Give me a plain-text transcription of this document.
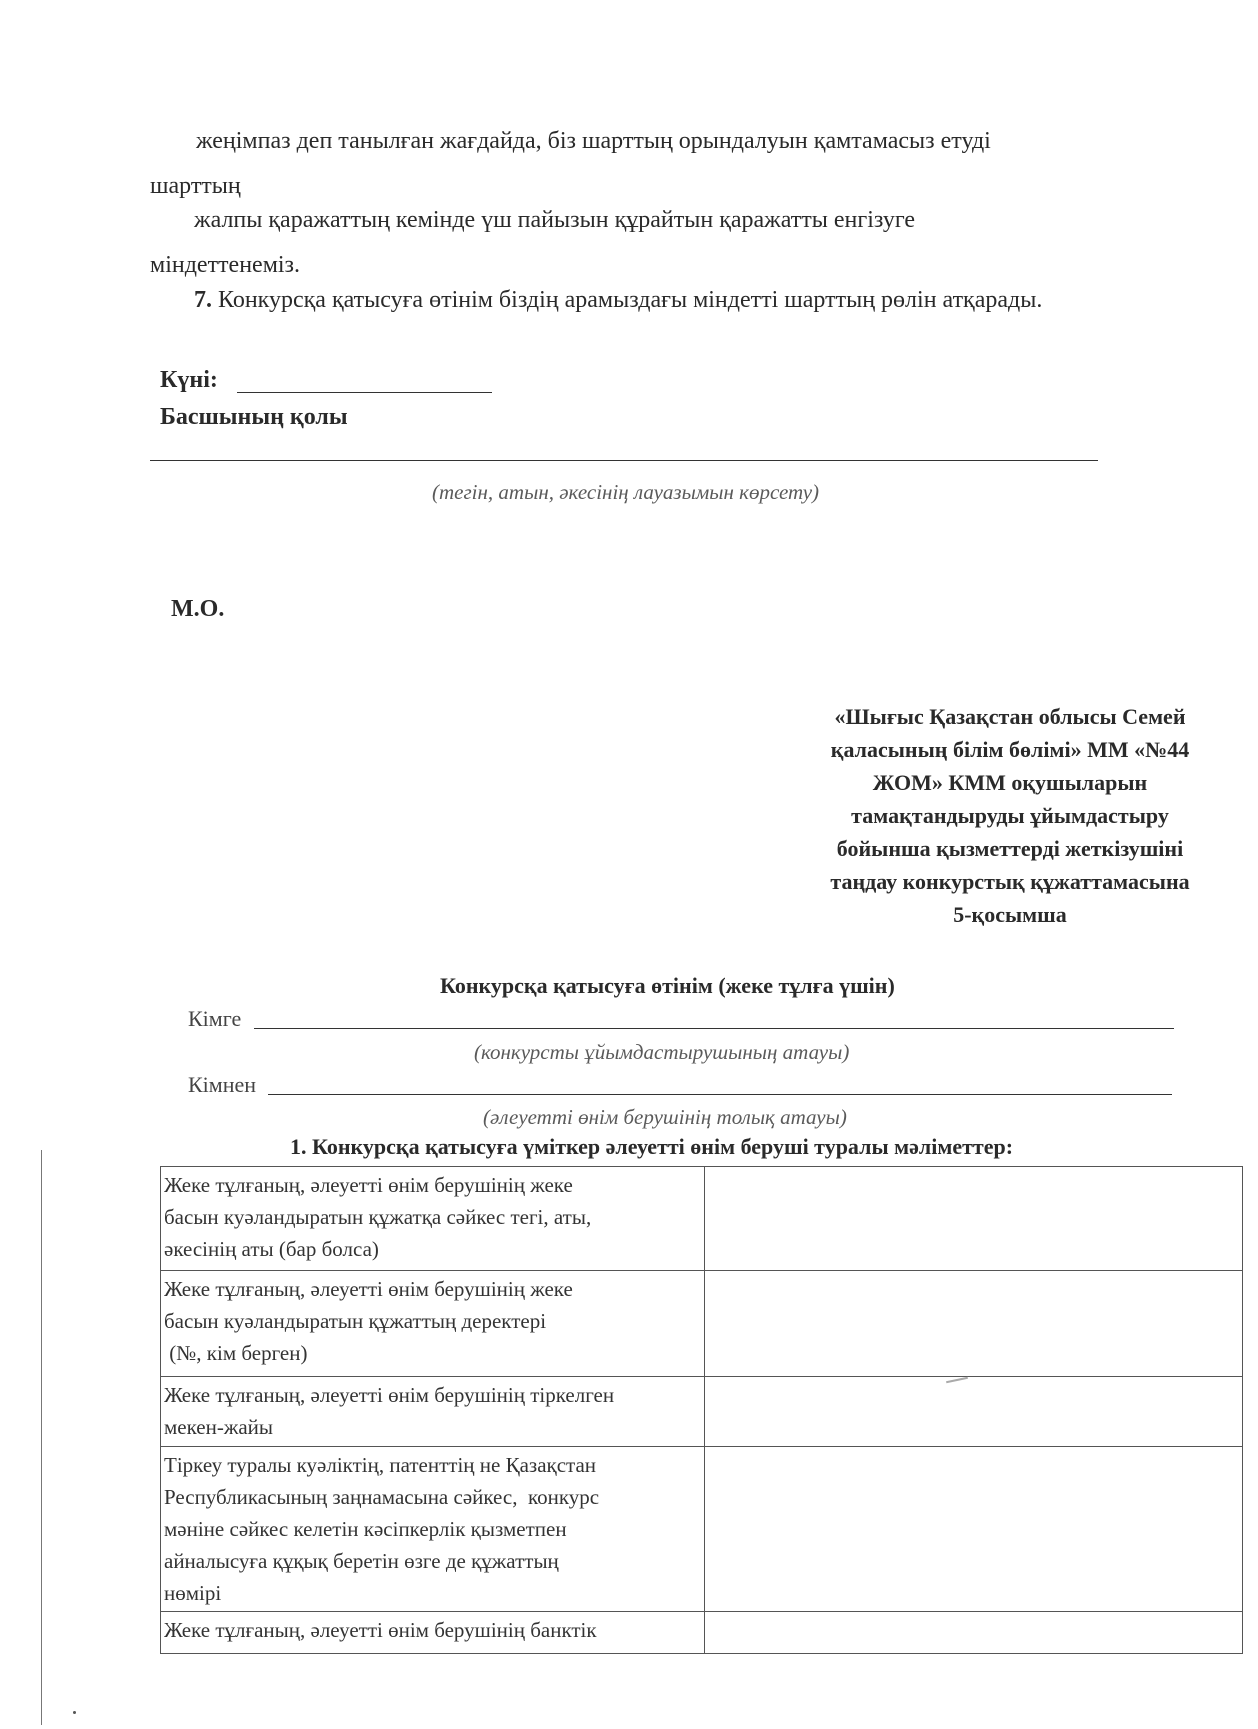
жеңімпаз деп танылған жағдайда, біз шарттың орындалуын қамтамасыз етуді
шарттың
жалпы қаражаттың кемінде үш пайызын құрайтын қаражатты енгізуге
міндеттенеміз.
7. Конкурсқа қатысуға өтінім біздің арамыздағы міндетті шарттың рөлін атқарады.
Күні:
Басшының қолы
(тегін, атын, әкесінің лауазымын көрсету)
М.О.
«Шығыс Қазақстан облысы Семей
қаласының білім бөлімі» ММ «№44
ЖОМ» КММ оқушыларын
тамақтандыруды ұйымдастыру
бойынша қызметтерді жеткізушіні
таңдау конкурстық құжаттамасына
5-қосымша
Конкурсқа қатысуға өтінім (жеке тұлға үшін)
Кімге
(конкурсты ұйымдастырушының атауы)
Кімнен
(әлеуетті өнім берушінің толық атауы)
1. Конкурсқа қатысуға үміткер әлеуетті өнім беруші туралы мәліметтер:
Жеке тұлғаның, әлеуетті өнім берушінің жеке
басын куәландыратын құжатқа сәйкес тегі, аты,
әкесінің аты (бар болса)	

Жеке тұлғаның, әлеуетті өнім берушінің жеке
басын куәландыратын құжаттың деректері
(№, кім берген)	

Жеке тұлғаның, әлеуетті өнім берушінің тіркелген
мекен-жайы	

Тіркеу туралы куәліктің, патенттің не Қазақстан
Республикасының заңнамасына сәйкес,  конкурс
мәніне сәйкес келетін кәсіпкерлік қызметпен
айналысуға құқық беретін өзге де құжаттың
нөмірі	

Жеке тұлғаның, әлеуетті өнім берушінің банктік	
